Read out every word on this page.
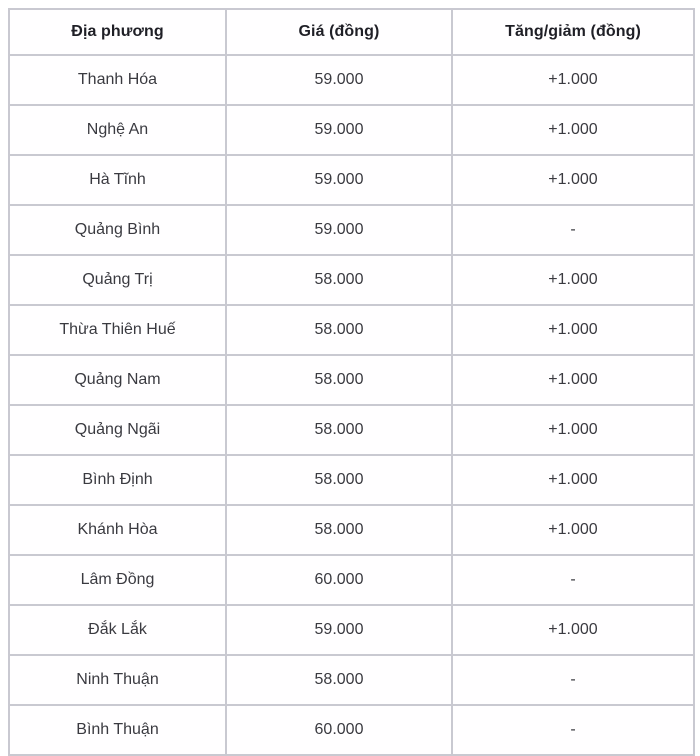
Địa phương	Giá (đồng)	Tăng/giảm (đồng)
Thanh Hóa	59.000	+1.000
Nghệ An	59.000	+1.000
Hà Tĩnh	59.000	+1.000
Quảng Bình	59.000	-
Quảng Trị	58.000	+1.000
Thừa Thiên Huế	58.000	+1.000
Quảng Nam	58.000	+1.000
Quảng Ngãi	58.000	+1.000
Bình Định	58.000	+1.000
Khánh Hòa	58.000	+1.000
Lâm Đồng	60.000	-
Đắk Lắk	59.000	+1.000
Ninh Thuận	58.000	-
Bình Thuận	60.000	-
